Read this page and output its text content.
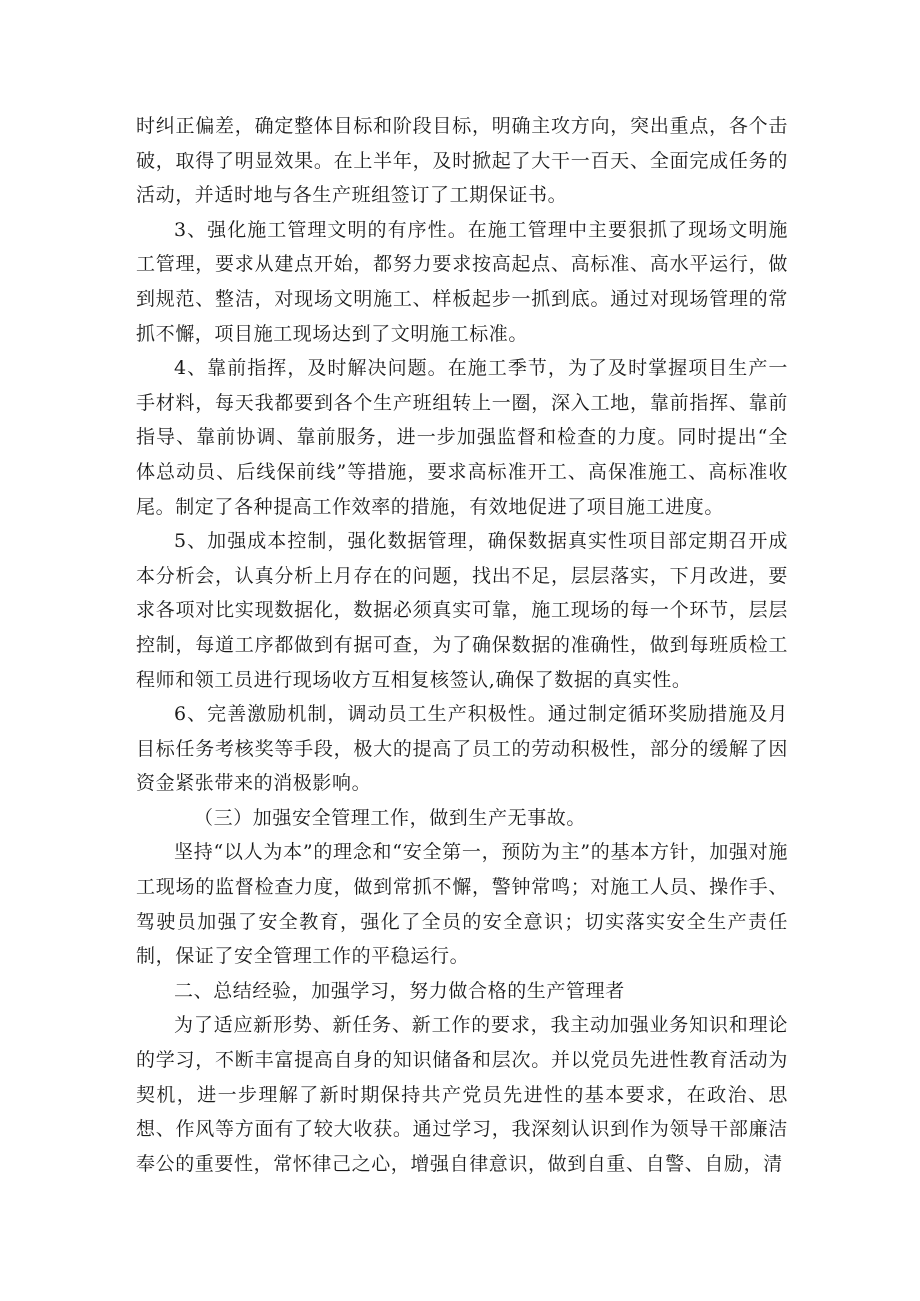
时纠正偏差，确定整体目标和阶段目标，明确主攻方向，突出重点，各个击破，取得了明显效果。在上半年，及时掀起了大干一百天、全面完成任务的活动，并适时地与各生产班组签订了工期保证书。

3、强化施工管理文明的有序性。在施工管理中主要狠抓了现场文明施工管理，要求从建点开始，都努力要求按高起点、高标准、高水平运行，做到规范、整洁，对现场文明施工、样板起步一抓到底。通过对现场管理的常抓不懈，项目施工现场达到了文明施工标准。

4、靠前指挥，及时解决问题。在施工季节，为了及时掌握项目生产一手材料，每天我都要到各个生产班组转上一圈，深入工地，靠前指挥、靠前指导、靠前协调、靠前服务，进一步加强监督和检查的力度。同时提出“全体总动员、后线保前线”等措施，要求高标准开工、高保准施工、高标准收尾。制定了各种提高工作效率的措施，有效地促进了项目施工进度。

5、加强成本控制，强化数据管理，确保数据真实性项目部定期召开成本分析会，认真分析上月存在的问题，找出不足，层层落实，下月改进，要求各项对比实现数据化，数据必须真实可靠，施工现场的每一个环节，层层控制，每道工序都做到有据可查，为了确保数据的准确性，做到每班质检工程师和领工员进行现场收方互相复核签认,确保了数据的真实性。

6、完善激励机制，调动员工生产积极性。通过制定循环奖励措施及月目标任务考核奖等手段，极大的提高了员工的劳动积极性，部分的缓解了因资金紧张带来的消极影响。

（三）加强安全管理工作，做到生产无事故。

坚持“以人为本”的理念和“安全第一，预防为主”的基本方针，加强对施工现场的监督检查力度，做到常抓不懈，警钟常鸣；对施工人员、操作手、驾驶员加强了安全教育，强化了全员的安全意识；切实落实安全生产责任制，保证了安全管理工作的平稳运行。

二、总结经验，加强学习，努力做合格的生产管理者

为了适应新形势、新任务、新工作的要求，我主动加强业务知识和理论的学习，不断丰富提高自身的知识储备和层次。并以党员先进性教育活动为契机，进一步理解了新时期保持共产党员先进性的基本要求，在政治、思想、作风等方面有了较大收获。通过学习，我深刻认识到作为领导干部廉洁奉公的重要性，常怀律己之心，增强自律意识，做到自重、自警、自励，清
